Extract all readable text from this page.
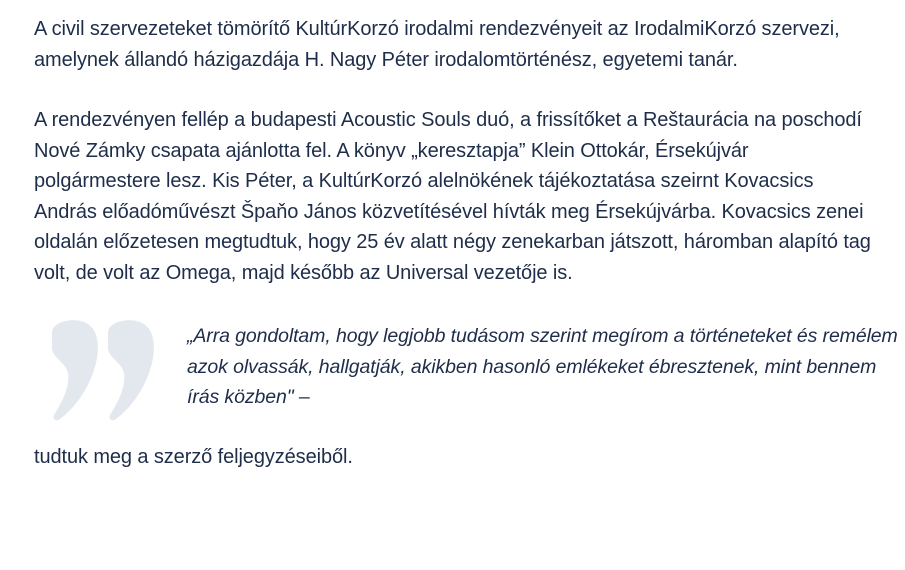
A civil szervezeteket tömörítő KultúrKorzó irodalmi rendezvényeit az IrodalmiKorzó szervezi, amelynek állandó házigazdája H. Nagy Péter irodalomtörténész, egyetemi tanár.

A rendezvényen fellép a budapesti Acoustic Souls duó, a frissítőket a Reštaurácia na poschodí Nové Zámky csapata ajánlotta fel. A könyv „keresztapja” Klein Ottokár, Érsekújvár polgármestere lesz. Kis Péter, a KultúrKorzó alelnökének tájékoztatása szeirnt Kovacsics András előadóművészt Špaňo János közvetítésével hívták meg Érsekújvárba. Kovacsics zenei oldalán előzetesen megtudtuk, hogy 25 év alatt négy zenekarban játszott, háromban alapító tag volt, de volt az Omega, majd később az Universal vezetője is.

„Arra gondoltam, hogy legjobb tudásom szerint megírom a történeteket és remélem azok olvassák, hallgatják, akikben hasonló emlékeket ébresztenek, mint bennem írás közben" –

tudtuk meg a szerző feljegyzéseiből.
